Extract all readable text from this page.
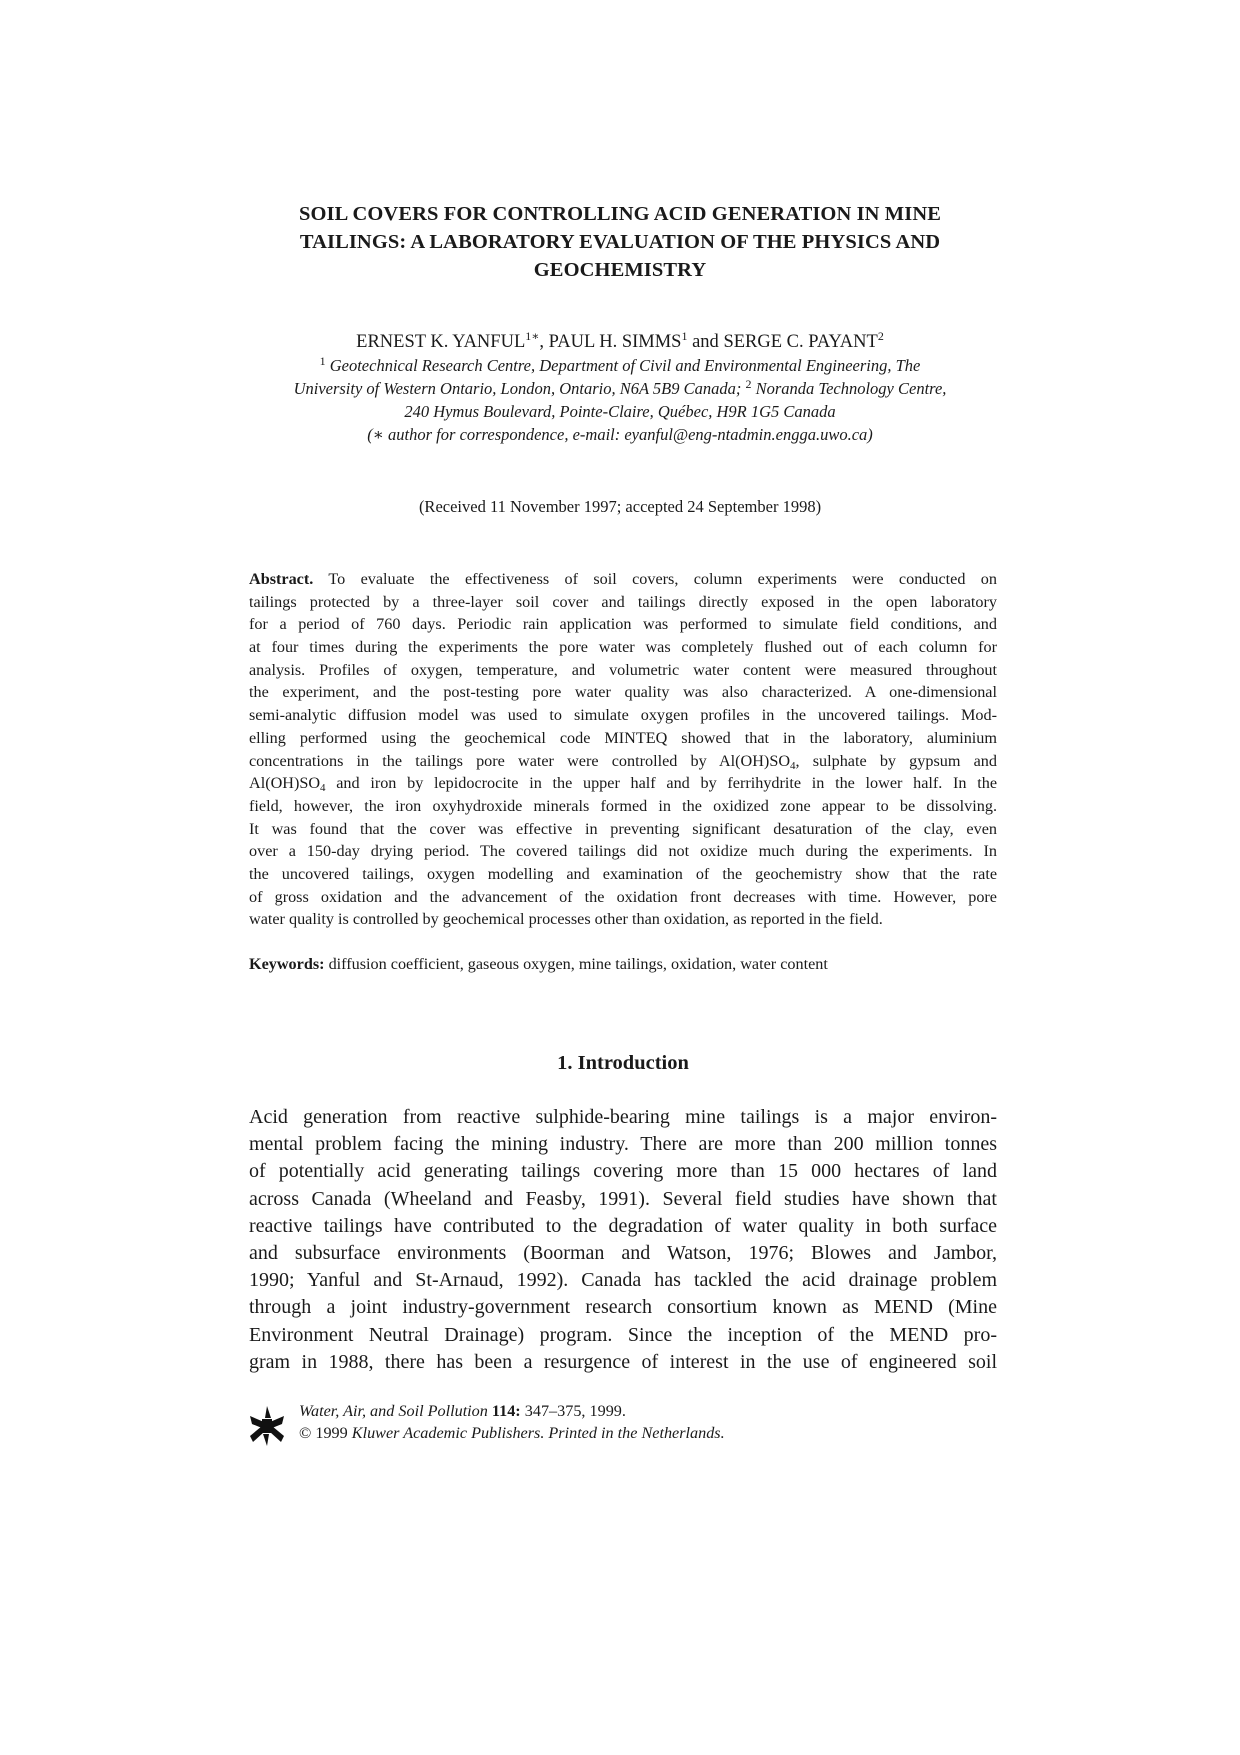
SOIL COVERS FOR CONTROLLING ACID GENERATION IN MINE
TAILINGS: A LABORATORY EVALUATION OF THE PHYSICS AND
GEOCHEMISTRY
ERNEST K. $YANFUL^{1∗}$, PAUL H. SIMMS$^1$ and SERGE C. PAYANT$^2$
$^1$ Geotechnical Research Centre, Department of Civil and Environmental Engineering, The
University of Western Ontario, London, Ontario, N6A 5B9 Canada; $^2$ Noranda Technology Centre,
240 Hymus Boulevard, Pointe-Claire, Québec, H9R 1G5 Canada
(∗ author for correspondence, e-mail: eyanful@eng-ntadmin.engga.uwo.ca)
(Received 11 November 1997; accepted 24 September 1998)
Abstract. To evaluate the effectiveness of soil covers, column experiments were conducted on
tailings protected by a three-layer soil cover and tailings directly exposed in the open laboratory
for a period of 760 days. Periodic rain application was performed to simulate field conditions, and
at four times during the experiments the pore water was completely flushed out of each column for
analysis. Profiles of oxygen, temperature, and volumetric water content were measured throughout
the experiment, and the post-testing pore water quality was also characterized. A one-dimensional
semi-analytic diffusion model was used to simulate oxygen profiles in the uncovered tailings. Mod-
elling performed using the geochemical code MINTEQ showed that in the laboratory, aluminium
concentrations in the tailings pore water were controlled by $Al(OH)SO_4$, sulphate by gypsum and
$Al(OH)SO_4$ and iron by lepidocrocite in the upper half and by ferrihydrite in the lower half. In the
field, however, the iron oxyhydroxide minerals formed in the oxidized zone appear to be dissolving.
It was found that the cover was effective in preventing significant desaturation of the clay, even
over a 150-day drying period. The covered tailings did not oxidize much during the experiments. In
the uncovered tailings, oxygen modelling and examination of the geochemistry show that the rate
of gross oxidation and the advancement of the oxidation front decreases with time. However, pore
water quality is controlled by geochemical processes other than oxidation, as reported in the field.
Keywords: diffusion coefficient, gaseous oxygen, mine tailings, oxidation, water content
1. Introduction
Acid generation from reactive sulphide-bearing mine tailings is a major environ-
mental problem facing the mining industry. There are more than 200 million tonnes
of potentially acid generating tailings covering more than 15 000 hectares of land
across Canada (Wheeland and Feasby, 1991). Several field studies have shown that
reactive tailings have contributed to the degradation of water quality in both surface
and subsurface environments (Boorman and Watson, 1976; Blowes and Jambor,
1990; Yanful and St-Arnaud, 1992). Canada has tackled the acid drainage problem
through a joint industry-government research consortium known as MEND (Mine
Environment Neutral Drainage) program. Since the inception of the MEND pro-
gram in 1988, there has been a resurgence of interest in the use of engineered soil
Water, Air, and Soil Pollution 114: 347–375, 1999.
© 1999 Kluwer Academic Publishers. Printed in the Netherlands.
